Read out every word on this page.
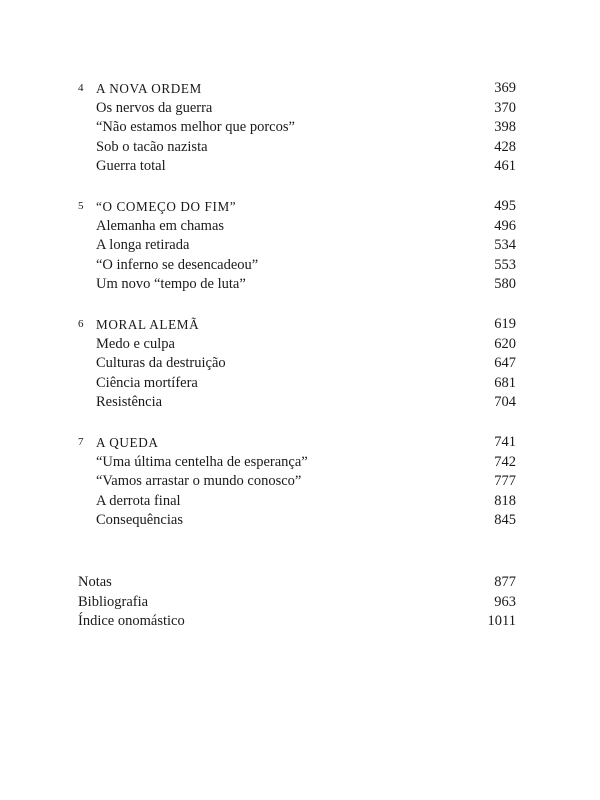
4 A NOVA ORDEM	369
Os nervos da guerra	370
“Não estamos melhor que porcos”	398
Sob o tacão nazista	428
Guerra total	461
5 “O COMEÇO DO FIM”	495
Alemanha em chamas	496
A longa retirada	534
“O inferno se desencadeou”	553
Um novo “tempo de luta”	580
6 MORAL ALEMÃ	619
Medo e culpa	620
Culturas da destruição	647
Ciência mortífera	681
Resistência	704
7 A QUEDA	741
“Uma última centelha de esperança”	742
“Vamos arrastar o mundo conosco”	777
A derrota final	818
Consequências	845
Notas	877
Bibliografia	963
Índice onomástico	1011
